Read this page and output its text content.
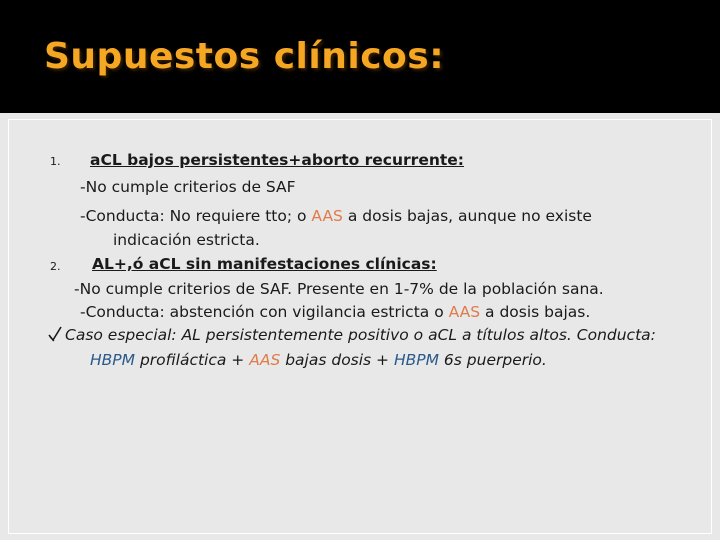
Supuestos clínicos:
1. aCL bajos persistentes+aborto recurrente:
-No cumple criterios de SAF
-Conducta: No requiere tto; o AAS a dosis bajas, aunque no existe
indicación estricta.
2. AL+,ó aCL sin manifestaciones clínicas:
-No cumple criterios de SAF. Presente en 1-7% de la población sana.
-Conducta: abstención con vigilancia estricta o AAS a dosis bajas.
Caso especial: AL persistentemente positivo o aCL a títulos altos. Conducta:
HBPM profiláctica + AAS bajas dosis + HBPM 6s puerperio.
